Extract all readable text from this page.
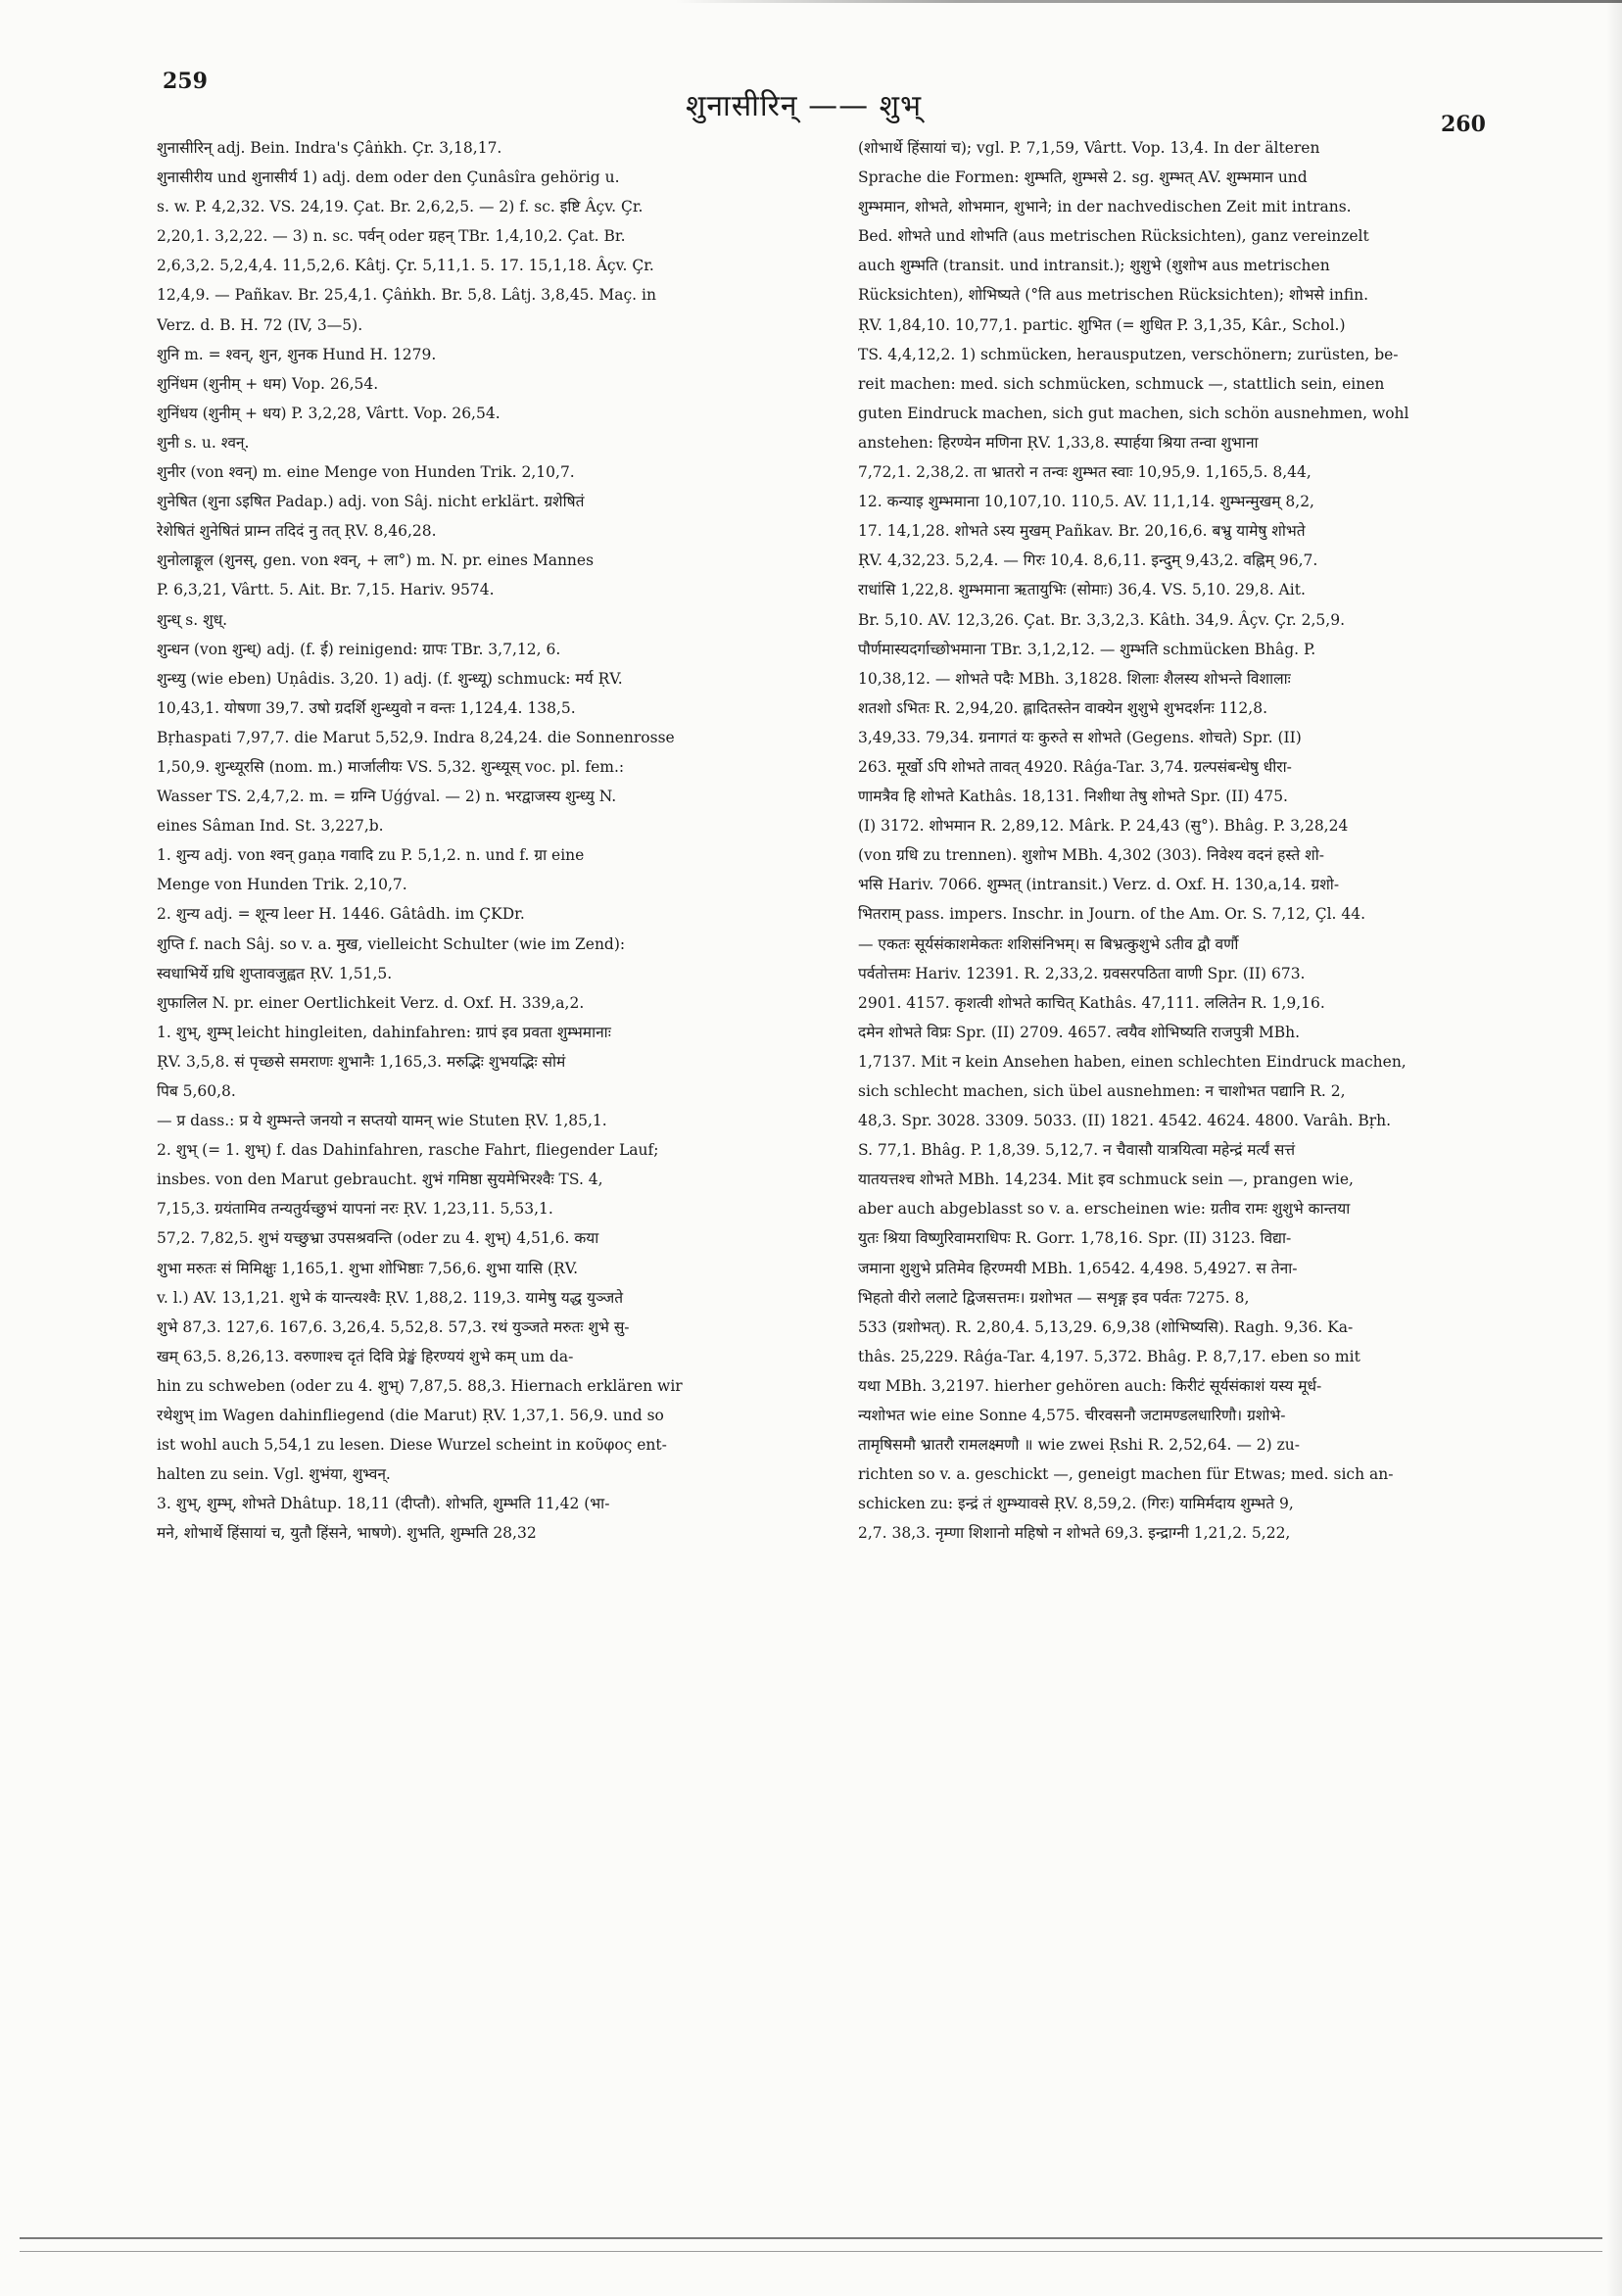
259
शुनासीरिन् —— शुभ्
260
शुनासीरिन् adj. Bein. Indra's Çâṅkh. Çr. 3,18,17.
शुनासीरीय und शुनासीर्य 1) adj. dem oder den Çunâsîra gehörig u.
s. w. P. 4,2,32. VS. 24,19. Çat. Br. 2,6,2,5. — 2) f. sc. इष्टि Âçv. Çr.
2,20,1. 3,2,22. — 3) n. sc. पर्वन् oder ग्रहन् TBr. 1,4,10,2. Çat. Br.
2,6,3,2. 5,2,4,4. 11,5,2,6. Kâtj. Çr. 5,11,1. 5. 17. 15,1,18. Âçv. Çr.
12,4,9. — Pañkav. Br. 25,4,1. Çâṅkh. Br. 5,8. Lâtj. 3,8,45. Maç. in
Verz. d. B. H. 72 (IV, 3—5).
शुनि m. = श्वन्, शुन, शुनक Hund H. 1279.
शुनिंधम (शुनीम् + धम) Vop. 26,54.
शुनिंधय (शुनीम् + धय) P. 3,2,28, Vârtt. Vop. 26,54.
शुनी s. u. श्वन्.
शुनीर (von श्वन्) m. eine Menge von Hunden Trik. 2,10,7.
शुनेषित (शुना ऽइषित Padap.) adj. von Sâj. nicht erklärt. ग्रशेषितं
रेशेषितं शुनेषितं प्राम्न तदिदं नु तत् ṚV. 8,46,28.
शुनोलाङ्गूल (शुनस्, gen. von श्वन्, + ला°) m. N. pr. eines Mannes
P. 6,3,21, Vârtt. 5. Ait. Br. 7,15. Hariv. 9574.
शुन्ध् s. शुध्.
शुन्धन (von शुन्ध्) adj. (f. ई) reinigend: ग्रापः TBr. 3,7,12, 6.
शुन्ध्यु (wie eben) Uṇâdis. 3,20. 1) adj. (f. शुन्ध्यू) schmuck: मर्य ṚV.
10,43,1. योषणा 39,7. उषो ग्रदर्शि शुन्ध्युवो न वन्तः 1,124,4. 138,5.
Bṛhaspati 7,97,7. die Marut 5,52,9. Indra 8,24,24. die Sonnenrosse
1,50,9. शुन्ध्यूरसि (nom. m.) मार्जालीयः VS. 5,32. शुन्ध्यूस् voc. pl. fem.:
Wasser TS. 2,4,7,2. m. = ग्रग्नि Uǵǵval. — 2) n. भरद्वाजस्य शुन्ध्यु N.
eines Sâman Ind. St. 3,227,b.
1. शुन्य adj. von श्वन् gaṇa गवादि zu P. 5,1,2. n. und f. ग्रा eine
Menge von Hunden Trik. 2,10,7.
2. शुन्य adj. = शून्य leer H. 1446. Gâtâdh. im ÇKDr.
शुप्ति f. nach Sâj. so v. a. मुख, vielleicht Schulter (wie im Zend):
स्वधाभिर्ये ग्रधि शुप्तावजुह्वत ṚV. 1,51,5.
शुफालिल N. pr. einer Oertlichkeit Verz. d. Oxf. H. 339,a,2.
1. शुभ्, शुम्भ् leicht hingleiten, dahinfahren: ग्रापं इव प्रवता शुम्भमानाः
ṚV. 3,5,8. सं पृच्छसे समराणः शुभानैः 1,165,3. मरुद्भिः शुभयद्भिः सोमं
पिब 5,60,8.
— प्र dass.: प्र ये शुम्भन्ते जनयो न सप्तयो यामन् wie Stuten ṚV. 1,85,1.
2. शुभ् (= 1. शुभ्) f. das Dahinfahren, rasche Fahrt, fliegender Lauf;
insbes. von den Marut gebraucht. शुभं गमिष्ठा सुयमेभिरश्वैः TS. 4,
7,15,3. ग्रयंतामिव तन्यतुर्यच्छुभं यापनां नरः ṚV. 1,23,11. 5,53,1.
57,2. 7,82,5. शुभं यच्छुभ्रा उपसश्रवन्ति (oder zu 4. शुभ्) 4,51,6. कया
शुभा मरुतः सं मिमिक्षुः 1,165,1. शुभा शोभिष्ठाः 7,56,6. शुभा यासि (ṚV.
v. l.) AV. 13,1,21. शुभे कं यान्त्यश्वैः ṚV. 1,88,2. 119,3. यामेषु यद्ध युञ्जते
शुभे 87,3. 127,6. 167,6. 3,26,4. 5,52,8. 57,3. रथं युञ्जते मरुतः शुभे सु-
खम् 63,5. 8,26,13. वरुणाश्च दृतं दिवि प्रेङ्खं हिरण्ययं शुभे कम् um da-
hin zu schweben (oder zu 4. शुभ्) 7,87,5. 88,3. Hiernach erklären wir
रथेशुभ् im Wagen dahinfliegend (die Marut) ṚV. 1,37,1. 56,9. und so
ist wohl auch 5,54,1 zu lesen. Diese Wurzel scheint in κοῦφος ent-
halten zu sein. Vgl. शुभंया, शुभ्वन्.
3. शुभ्, शुम्भ्, शोभते Dhâtup. 18,11 (दीप्तौ). शोभति, शुम्भति 11,42 (भा-
मने, शोभार्थे हिंसायां च, युतौ हिंसने, भाषणे). शुभति, शुम्भति 28,32
(शोभार्थे हिंसायां च); vgl. P. 7,1,59, Vârtt. Vop. 13,4. In der älteren
Sprache die Formen: शुम्भति, शुम्भसे 2. sg. शुम्भत् AV. शुम्भमान und
शुम्भमान, शोभते, शोभमान, शुभाने; in der nachvedischen Zeit mit intrans.
Bed. शोभते und शोभति (aus metrischen Rücksichten), ganz vereinzelt
auch शुम्भति (transit. und intransit.); शुशुभे (शुशोभ aus metrischen
Rücksichten), शोभिष्यते (°ति aus metrischen Rücksichten); शोभसे infin.
ṚV. 1,84,10. 10,77,1. partic. शुभित (= शुधित P. 3,1,35, Kâr., Schol.)
TS. 4,4,12,2. 1) schmücken, herausputzen, verschönern; zurüsten, be-
reit machen: med. sich schmücken, schmuck —, stattlich sein, einen
guten Eindruck machen, sich gut machen, sich schön ausnehmen, wohl
anstehen: हिरण्येन मणिना ṚV. 1,33,8. स्पार्हया श्रिया तन्वा शुभाना
7,72,1. 2,38,2. ता भ्रातरो न तन्वः शुम्भत स्वाः 10,95,9. 1,165,5. 8,44,
12. कन्याइ शुम्भमाना 10,107,10. 110,5. AV. 11,1,14. शुम्भन्मुखम् 8,2,
17. 14,1,28. शोभते ऽस्य मुखम् Pañkav. Br. 20,16,6. बभ्रु यामेषु शोभते
ṚV. 4,32,23. 5,2,4. — गिरः 10,4. 8,6,11. इन्दुम् 9,43,2. वह्निम् 96,7.
राधांसि 1,22,8. शुम्भमाना ऋतायुभिः (सोमाः) 36,4. VS. 5,10. 29,8. Ait.
Br. 5,10. AV. 12,3,26. Çat. Br. 3,3,2,3. Kâth. 34,9. Âçv. Çr. 2,5,9.
पौर्णमास्यदर्गाच्छोभमाना TBr. 3,1,2,12. — शुम्भति schmücken Bhâg. P.
10,38,12. — शोभते पदैः MBh. 3,1828. शिलाः शैलस्य शोभन्ते विशालाः
शतशो ऽभितः R. 2,94,20. ह्लादितस्तेन वाक्येन शुशुभे शुभदर्शनः 112,8.
3,49,33. 79,34. ग्रनागतं यः कुरुते स शोभते (Gegens. शोचते) Spr. (II)
263. मूर्खो ऽपि शोभते तावत् 4920. Râǵa-Tar. 3,74. ग्रल्पसंबन्धेषु धीरा-
णामत्रैव हि शोभते Kathâs. 18,131. निशीथा तेषु शोभते Spr. (II) 475.
(I) 3172. शोभमान R. 2,89,12. Mârk. P. 24,43 (सु°). Bhâg. P. 3,28,24
(von ग्रधि zu trennen). शुशोभ MBh. 4,302 (303). निवेश्य वदनं हस्ते शो-
भसि Hariv. 7066. शुम्भत् (intransit.) Verz. d. Oxf. H. 130,a,14. ग्रशो-
भितराम् pass. impers. Inschr. in Journ. of the Am. Or. S. 7,12, Çl. 44.
— एकतः सूर्यसंकाशमेकतः शशिसंनिभम्। स बिभ्रत्कुशुभे ऽतीव द्वौ वर्णौ
पर्वतोत्तमः Hariv. 12391. R. 2,33,2. ग्रवसरपठिता वाणी Spr. (II) 673.
2901. 4157. कृशत्वी शोभते काचित् Kathâs. 47,111. ललितेन R. 1,9,16.
दमेन शोभते विप्रः Spr. (II) 2709. 4657. त्वयैव शोभिष्यति राजपुत्री MBh.
1,7137. Mit न kein Ansehen haben, einen schlechten Eindruck machen,
sich schlecht machen, sich übel ausnehmen: न चाशोभत पद्यानि R. 2,
48,3. Spr. 3028. 3309. 5033. (II) 1821. 4542. 4624. 4800. Varâh. Bṛh.
S. 77,1. Bhâg. P. 1,8,39. 5,12,7. न चैवासौ यात्रयित्वा महेन्द्रं मर्त्यं सत्तं
यातयत्तश्च शोभते MBh. 14,234. Mit इव schmuck sein —, prangen wie,
aber auch abgeblasst so v. a. erscheinen wie: ग्रतीव रामः शुशुभे कान्तया
युतः श्रिया विष्णुरिवामराधिपः R. Gorr. 1,78,16. Spr. (II) 3123. विद्या-
जमाना शुशुभे प्रतिमेव हिरण्मयी MBh. 1,6542. 4,498. 5,4927. स तेना-
भिहतो वीरो ललाटे द्विजसत्तमः। ग्रशोभत — सशृङ्ग इव पर्वतः 7275. 8,
533 (ग्रशोभत्). R. 2,80,4. 5,13,29. 6,9,38 (शोभिष्यसि). Ragh. 9,36. Ka-
thâs. 25,229. Râǵa-Tar. 4,197. 5,372. Bhâg. P. 8,7,17. eben so mit
यथा MBh. 3,2197. hierher gehören auch: किरीटं सूर्यसंकाशं यस्य मूर्ध-
न्यशोभत wie eine Sonne 4,575. चीरवसनौ जटामण्डलधारिणौ। ग्रशोभे-
तामृषिसमौ भ्रातरौ रामलक्ष्मणौ ॥ wie zwei Ṛshi R. 2,52,64. — 2) zu-
richten so v. a. geschickt —, geneigt machen für Etwas; med. sich an-
schicken zu: इन्द्रं तं शुम्भ्यावसे ṚV. 8,59,2. (गिरः) यामिर्मदाय शुम्भते 9,
2,7. 38,3. नृम्णा शिशानो महिषो न शोभते 69,3. इन्द्राग्नी 1,21,2. 5,22,
